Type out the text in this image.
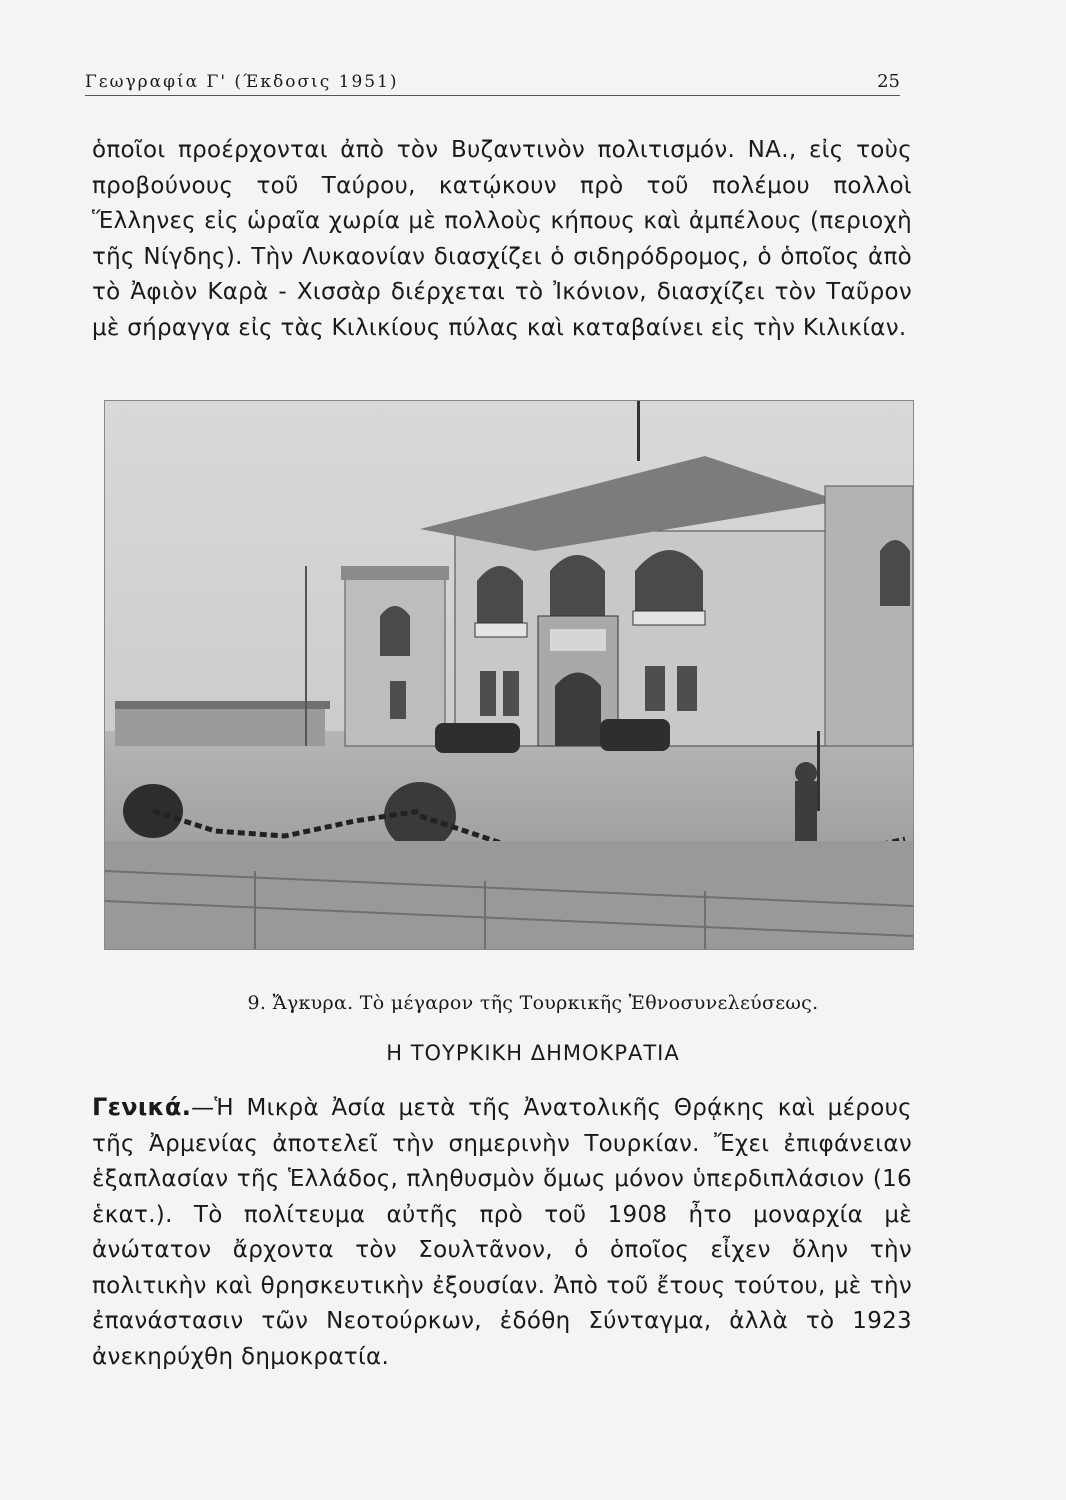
Γεωγραφία Γ' (Έκδοσις 1951)	25

ὁποῖοι προέρχονται ἀπὸ τὸν Βυζαντινὸν πολιτισμόν. ΝΑ., εἰς τοὺς προβούνους τοῦ Ταύρου, κατῴκουν πρὸ τοῦ πολέμου πολλοὶ Ἕλληνες εἰς ὡραῖα χωρία μὲ πολλοὺς κήπους καὶ ἀμπέλους (περιοχὴ τῆς Νίγδης). Τὴν Λυκαονίαν διασχίζει ὁ σιδηρόδρομος, ὁ ὁποῖος ἀπὸ τὸ Ἀφιὸν Καρὰ - Χισσὰρ διέρχεται τὸ Ἰκόνιον, διασχίζει τὸν Ταῦρον μὲ σήραγγα εἰς τὰς Κιλικίους πύλας καὶ καταβαίνει εἰς τὴν Κιλικίαν.

9. Ἄγκυρα. Τὸ μέγαρον τῆς Τουρκικῆς Ἐθνοσυνελεύσεως.
Η ΤΟΥΡΚΙΚΗ ΔΗΜΟΚΡΑΤΙΑ

Γενικά.—Ἡ Μικρὰ Ἀσία μετὰ τῆς Ἀνατολικῆς Θρᾴκης καὶ μέρους τῆς Ἀρμενίας ἀποτελεῖ τὴν σημερινὴν Τουρκίαν. Ἔχει ἐπιφάνειαν ἑξαπλασίαν τῆς Ἑλλάδος, πληθυσμὸν ὅμως μόνον ὑπερδιπλάσιον (16 ἑκατ.). Τὸ πολίτευμα αὐτῆς πρὸ τοῦ 1908 ἦτο μοναρχία μὲ ἀνώτατον ἄρχοντα τὸν Σουλτᾶνον, ὁ ὁποῖος εἶχεν ὅλην τὴν πολιτικὴν καὶ θρησκευτικὴν ἐξουσίαν. Ἀπὸ τοῦ ἔτους τούτου, μὲ τὴν ἐπανάστασιν τῶν Νεοτούρκων, ἐδόθη Σύνταγμα, ἀλλὰ τὸ 1923 ἀνεκηρύχθη δημοκρατία.
